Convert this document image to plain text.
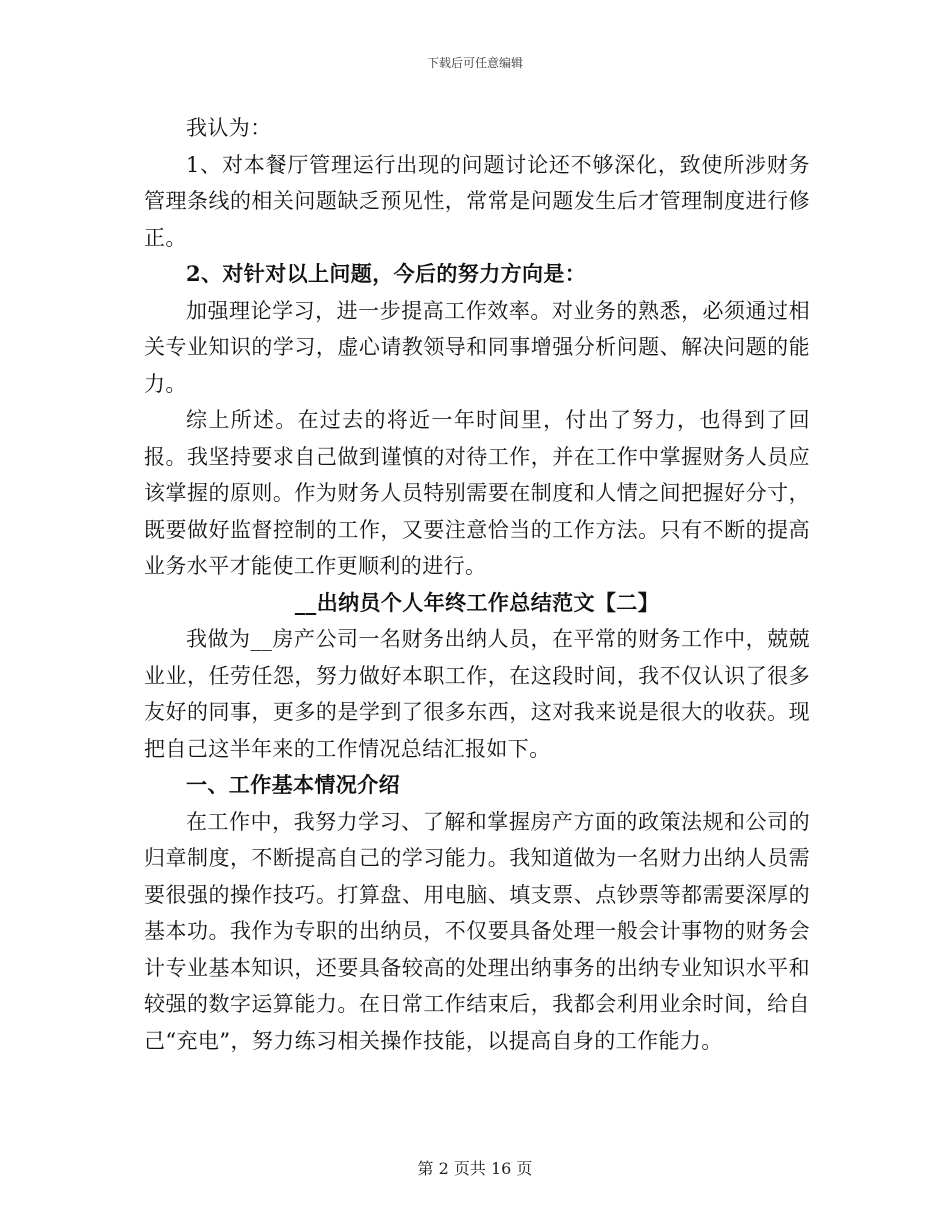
下载后可任意编辑

我认为：

1、对本餐厅管理运行出现的问题讨论还不够深化，致使所涉财务管理条线的相关问题缺乏预见性，常常是问题发生后才管理制度进行修正。

2、对针对以上问题，今后的努力方向是：

加强理论学习，进一步提高工作效率。对业务的熟悉，必须通过相关专业知识的学习，虚心请教领导和同事增强分析问题、解决问题的能力。

综上所述。在过去的将近一年时间里，付出了努力，也得到了回报。我坚持要求自己做到谨慎的对待工作，并在工作中掌握财务人员应该掌握的原则。作为财务人员特别需要在制度和人情之间把握好分寸，既要做好监督控制的工作，又要注意恰当的工作方法。只有不断的提高业务水平才能使工作更顺利的进行。

__出纳员个人年终工作总结范文【二】

我做为__房产公司一名财务出纳人员，在平常的财务工作中，兢兢业业，任劳任怨，努力做好本职工作，在这段时间，我不仅认识了很多友好的同事，更多的是学到了很多东西，这对我来说是很大的收获。现把自己这半年来的工作情况总结汇报如下。

一、工作基本情况介绍

在工作中，我努力学习、了解和掌握房产方面的政策法规和公司的归章制度，不断提高自己的学习能力。我知道做为一名财力出纳人员需要很强的操作技巧。打算盘、用电脑、填支票、点钞票等都需要深厚的基本功。我作为专职的出纳员，不仅要具备处理一般会计事物的财务会计专业基本知识，还要具备较高的处理出纳事务的出纳专业知识水平和较强的数字运算能力。在日常工作结束后，我都会利用业余时间，给自己“充电”，努力练习相关操作技能，以提高自身的工作能力。

第 2 页共 16 页
